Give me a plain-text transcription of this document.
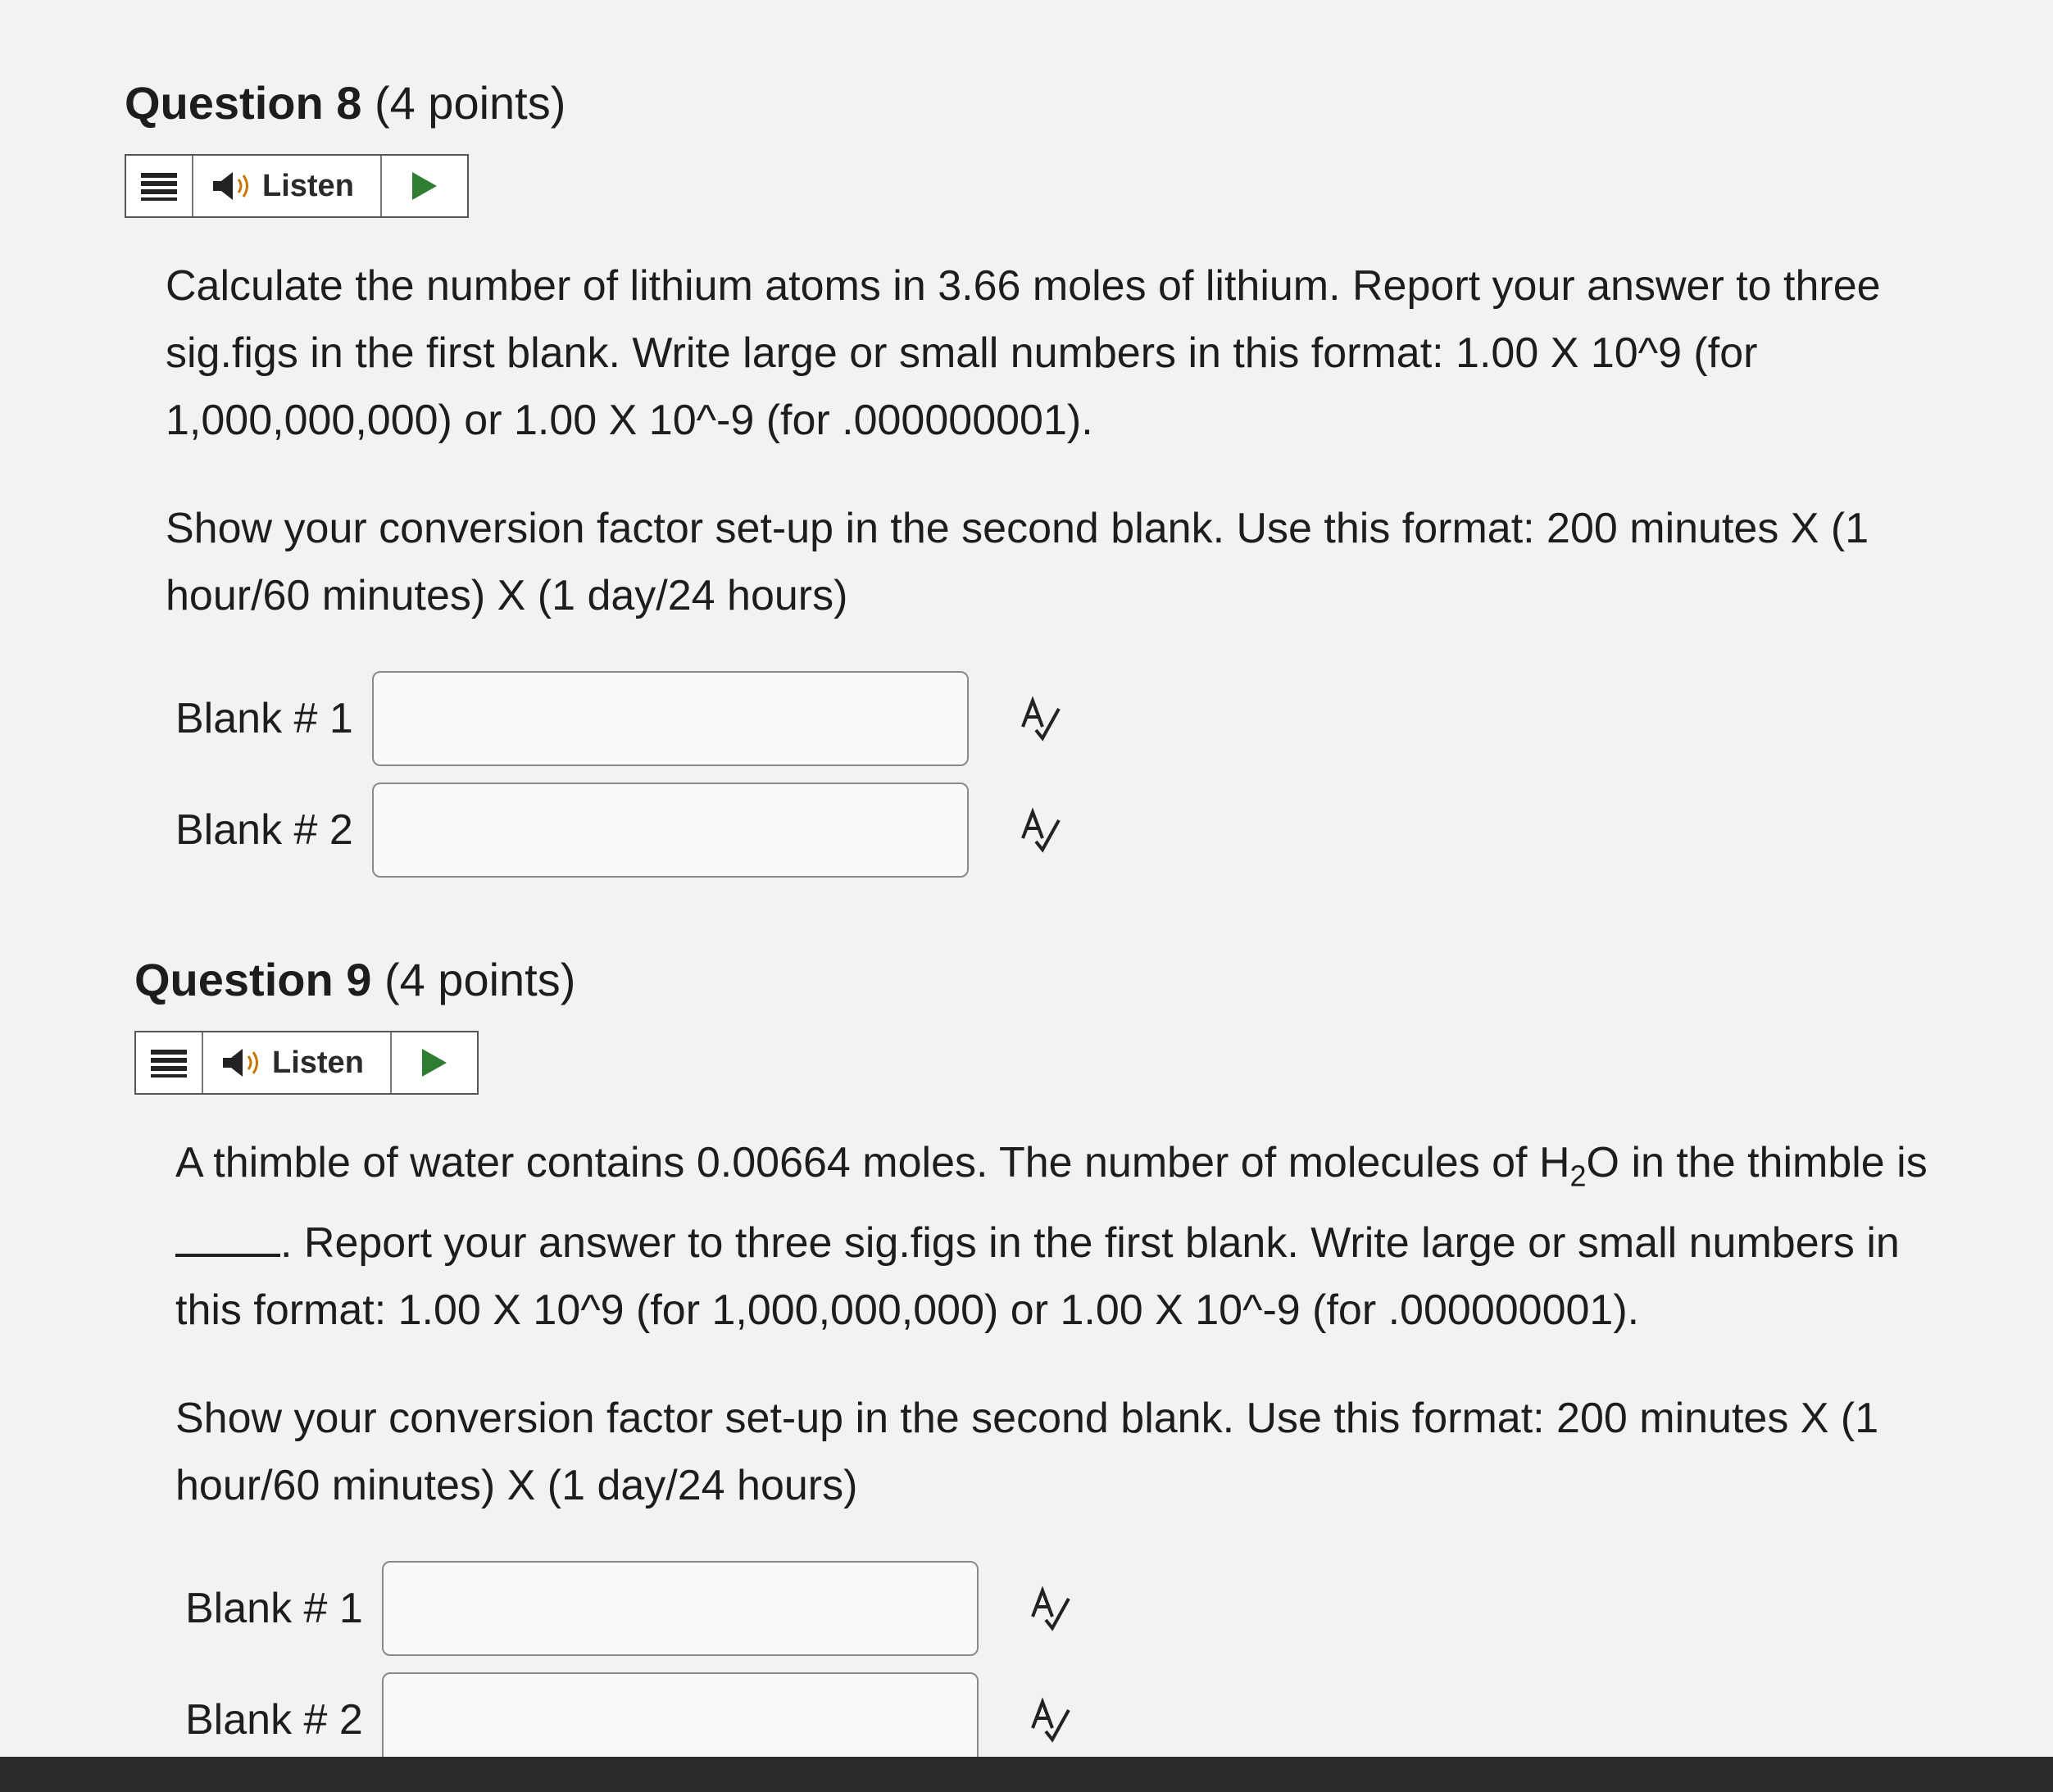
Question 8 (4 points)
Listen

Calculate the number of lithium atoms in 3.66 moles of lithium. Report your answer to three sig.figs in the first blank. Write large or small numbers in this format: 1.00 X 10^9 (for 1,000,000,000) or 1.00 X 10^-9 (for .000000001).

Show your conversion factor set-up in the second blank. Use this format: 200 minutes X (1 hour/60 minutes) X (1 day/24 hours)

Blank # 1
Blank # 2
Question 9 (4 points)
Listen

A thimble of water contains 0.00664 moles. The number of molecules of $H_2O$ in the thimble is . Report your answer to three sig.figs in the first blank. Write large or small numbers in this format: 1.00 X 10^9 (for 1,000,000,000) or 1.00 X 10^-9 (for .000000001).

Show your conversion factor set-up in the second blank. Use this format: 200 minutes X (1 hour/60 minutes) X (1 day/24 hours)

Blank # 1
Blank # 2
